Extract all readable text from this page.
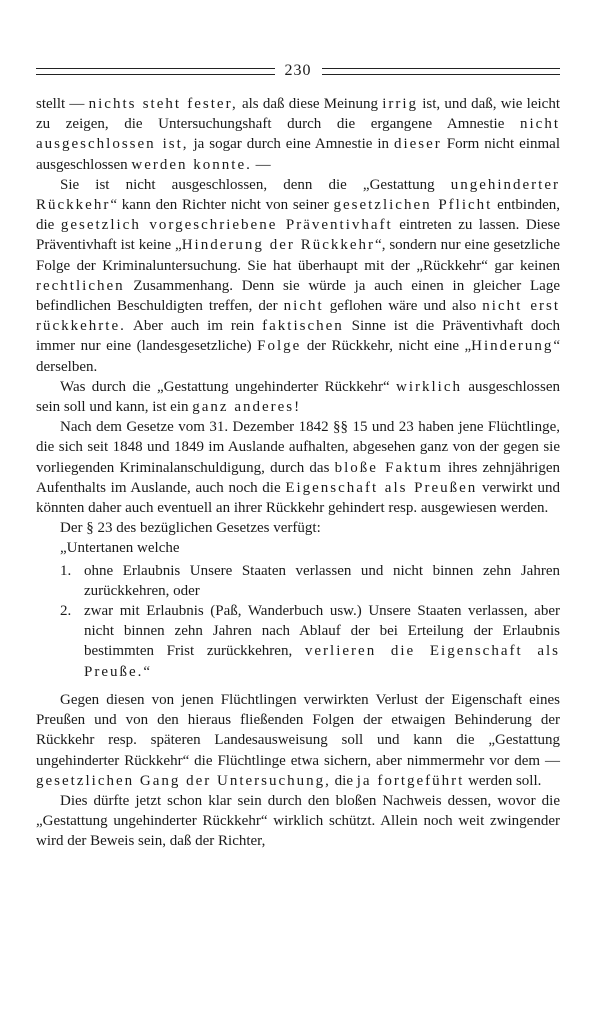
230

stellt — nichts steht fester, als daß diese Meinung irrig ist, und daß, wie leicht zu zeigen, die Untersuchungshaft durch die ergangene Amnestie nicht ausgeschlossen ist, ja sogar durch eine Amnestie in dieser Form nicht einmal ausgeschlossen werden konnte. —

Sie ist nicht ausgeschlossen, denn die „Gestattung ungehinderter Rückkehr“ kann den Richter nicht von seiner gesetzlichen Pflicht entbinden, die gesetzlich vorgeschriebene Präventivhaft eintreten zu lassen. Diese Präventivhaft ist keine „Hinderung der Rückkehr“, sondern nur eine gesetzliche Folge der Kriminaluntersuchung. Sie hat überhaupt mit der „Rückkehr“ gar keinen rechtlichen Zusammenhang. Denn sie würde ja auch einen in gleicher Lage befindlichen Beschuldigten treffen, der nicht geflohen wäre und also nicht erst rückkehrte. Aber auch im rein faktischen Sinne ist die Präventivhaft doch immer nur eine (landesgesetzliche) Folge der Rückkehr, nicht eine „Hinderung“ derselben.

Was durch die „Gestattung ungehinderter Rückkehr“ wirklich ausgeschlossen sein soll und kann, ist ein ganz anderes!

Nach dem Gesetze vom 31. Dezember 1842 §§ 15 und 23 haben jene Flüchtlinge, die sich seit 1848 und 1849 im Auslande aufhalten, abgesehen ganz von der gegen sie vorliegenden Kriminalanschuldigung, durch das bloße Faktum ihres zehnjährigen Aufenthalts im Auslande, auch noch die Eigenschaft als Preußen verwirkt und könnten daher auch eventuell an ihrer Rückkehr gehindert resp. ausgewiesen werden.

Der § 23 des bezüglichen Gesetzes verfügt:

„Untertanen welche

1. ohne Erlaubnis Unsere Staaten verlassen und nicht binnen zehn Jahren zurückkehren, oder
2. zwar mit Erlaubnis (Paß, Wanderbuch usw.) Unsere Staaten verlassen, aber nicht binnen zehn Jahren nach Ablauf der bei Erteilung der Erlaubnis bestimmten Frist zurückkehren, verlieren die Eigenschaft als Preuße.“

Gegen diesen von jenen Flüchtlingen verwirkten Verlust der Eigenschaft eines Preußen und von den hieraus fließenden Folgen der etwaigen Behinderung der Rückkehr resp. späteren Landesausweisung soll und kann die „Gestattung ungehinderter Rückkehr“ die Flüchtlinge etwa sichern, aber nimmermehr vor dem — gesetzlichen Gang der Untersuchung, die ja fortgeführt werden soll.

Dies dürfte jetzt schon klar sein durch den bloßen Nachweis dessen, wovor die „Gestattung ungehinderter Rückkehr“ wirklich schützt. Allein noch weit zwingender wird der Beweis sein, daß der Richter,
